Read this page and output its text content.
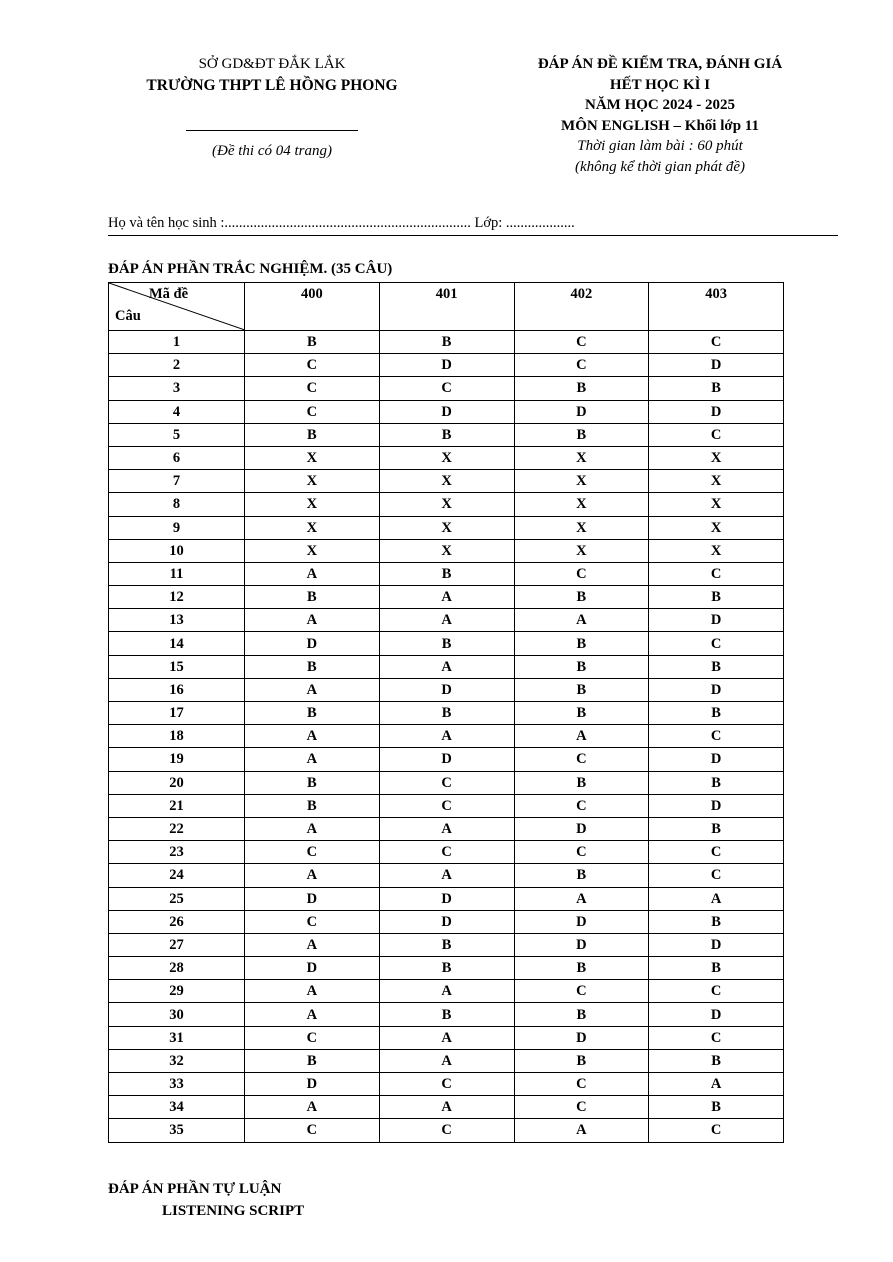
SỞ GD&ĐT ĐẮK LẮK
TRƯỜNG THPT LÊ HỒNG PHONG
(Đề thi có 04 trang)
ĐÁP ÁN ĐỀ KIỂM TRA, ĐÁNH GIÁ
HẾT HỌC KÌ I
NĂM HỌC 2024 - 2025
MÔN ENGLISH – Khối lớp 11
Thời gian làm bài : 60 phút
(không kể thời gian phát đề)
Họ và tên học sinh :.................................................................... Lớp: ...................
ĐÁP ÁN PHẦN TRẮC NGHIỆM. (35 CÂU)
Mã đề
Câu	400	401	402	403
1	B	B	C	C
2	C	D	C	D
3	C	C	B	B
4	C	D	D	D
5	B	B	B	C
6	X	X	X	X
7	X	X	X	X
8	X	X	X	X
9	X	X	X	X
10	X	X	X	X
11	A	B	C	C
12	B	A	B	B
13	A	A	A	D
14	D	B	B	C
15	B	A	B	B
16	A	D	B	D
17	B	B	B	B
18	A	A	A	C
19	A	D	C	D
20	B	C	B	B
21	B	C	C	D
22	A	A	D	B
23	C	C	C	C
24	A	A	B	C
25	D	D	A	A
26	C	D	D	B
27	A	B	D	D
28	D	B	B	B
29	A	A	C	C
30	A	B	B	D
31	C	A	D	C
32	B	A	B	B
33	D	C	C	A
34	A	A	C	B
35	C	C	A	C
ĐÁP ÁN PHẦN TỰ LUẬN
LISTENING SCRIPT
